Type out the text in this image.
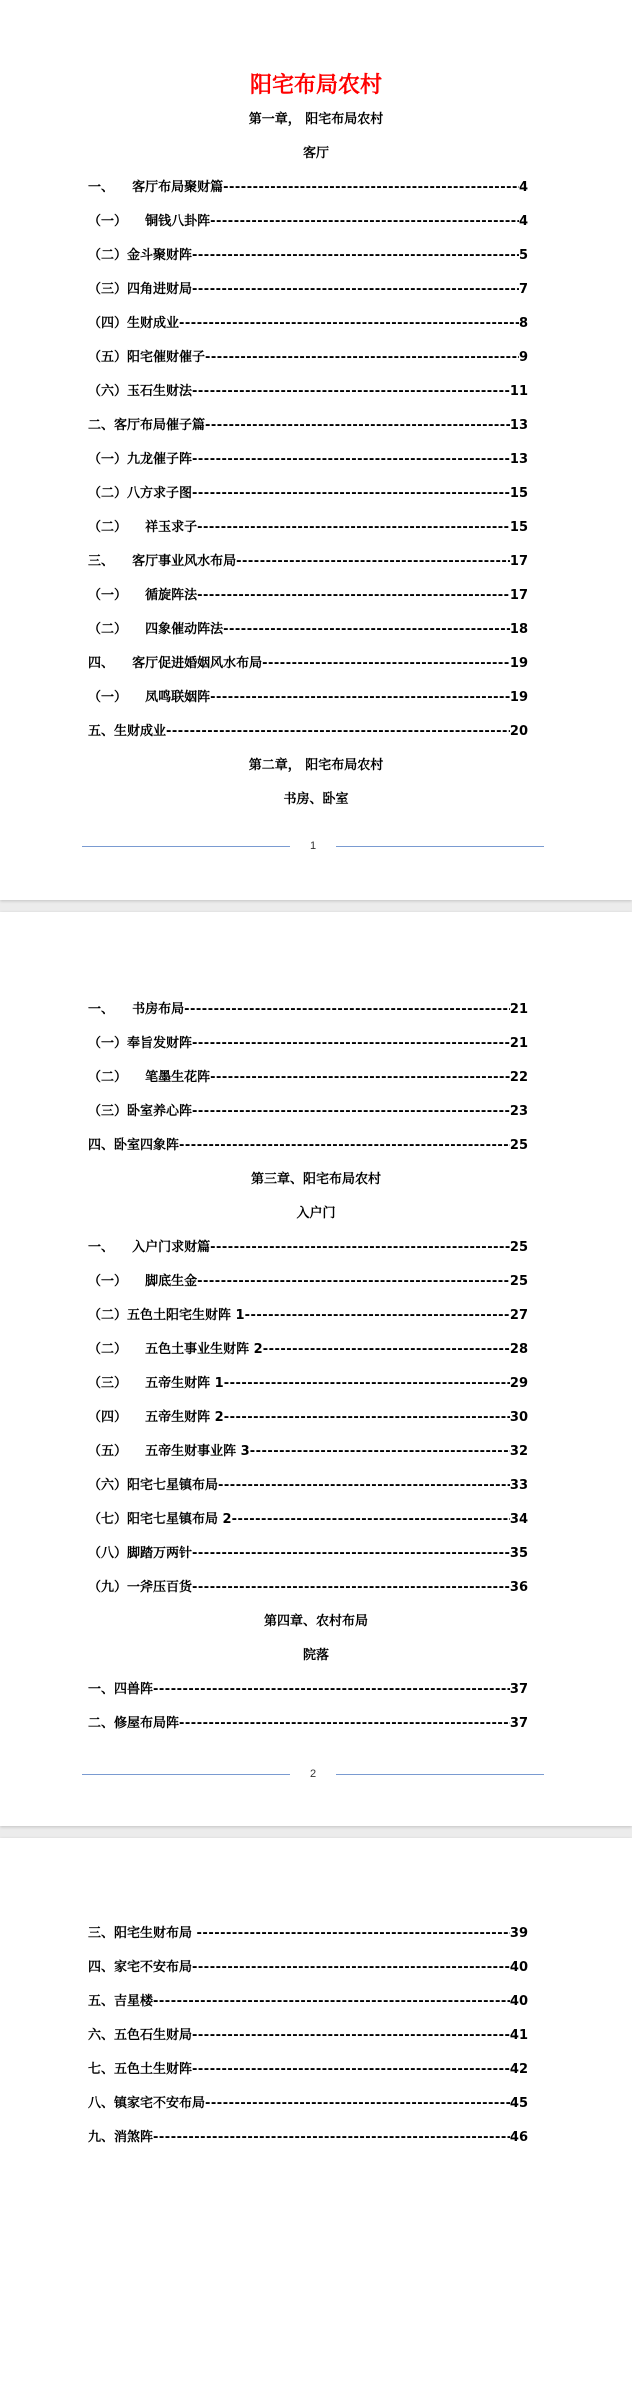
阳宅布局农村
第一章， 阳宅布局农村
客厅
一、    客厅布局聚财篇 -----	4
（一）    铜钱八卦阵 -----	4
（二）金斗聚财阵 -----	5
（三）四角进财局 -----	7
（四）生财成业 -----	8
（五）阳宅催财催子 -----	9
（六）玉石生财法 -----	11
二、客厅布局催子篇 -----	13
（一）九龙催子阵 -----	13
（二）八方求子图 -----	15
（二）    祥玉求子 -----	15
三、    客厅事业风水布局 -----	17
（一）    循旋阵法 -----	17
（二）    四象催动阵法 -----	18
四、    客厅促进婚姻风水布局 -----	19
（一）    凤鸣联姻阵 -----	19
五、生财成业 -----	20
第二章， 阳宅布局农村
书房、卧室
1
一、    书房布局 -----	21
（一）奉旨发财阵 -----	21
（二）    笔墨生花阵 -----	22
（三）卧室养心阵 -----	23
四、卧室四象阵 -----	25
第三章、阳宅布局农村
入户门
一、    入户门求财篇 -----	25
（一）    脚底生金 -----	25
（二）五色土阳宅生财阵 1 -----	27
（二）    五色土事业生财阵 2 -----	28
（三）    五帝生财阵 1 -----	29
（四）    五帝生财阵 2 -----	30
（五）    五帝生财事业阵 3 -----	32
（六）阳宅七星镇布局 -----	33
（七）阳宅七星镇布局 2 -----	34
（八）脚踏万两针 -----	35
（九）一斧压百货 -----	36
第四章、农村布局
院落
一、四兽阵 -----	37
二、修屋布局阵 -----	37
2
三、阳宅生财布局 -----	39
四、家宅不安布局 -----	40
五、吉星楼 -----	40
六、五色石生财局 -----	41
七、五色土生财阵 -----	42
八、镇家宅不安布局 -----	45
九、消煞阵 -----	46
